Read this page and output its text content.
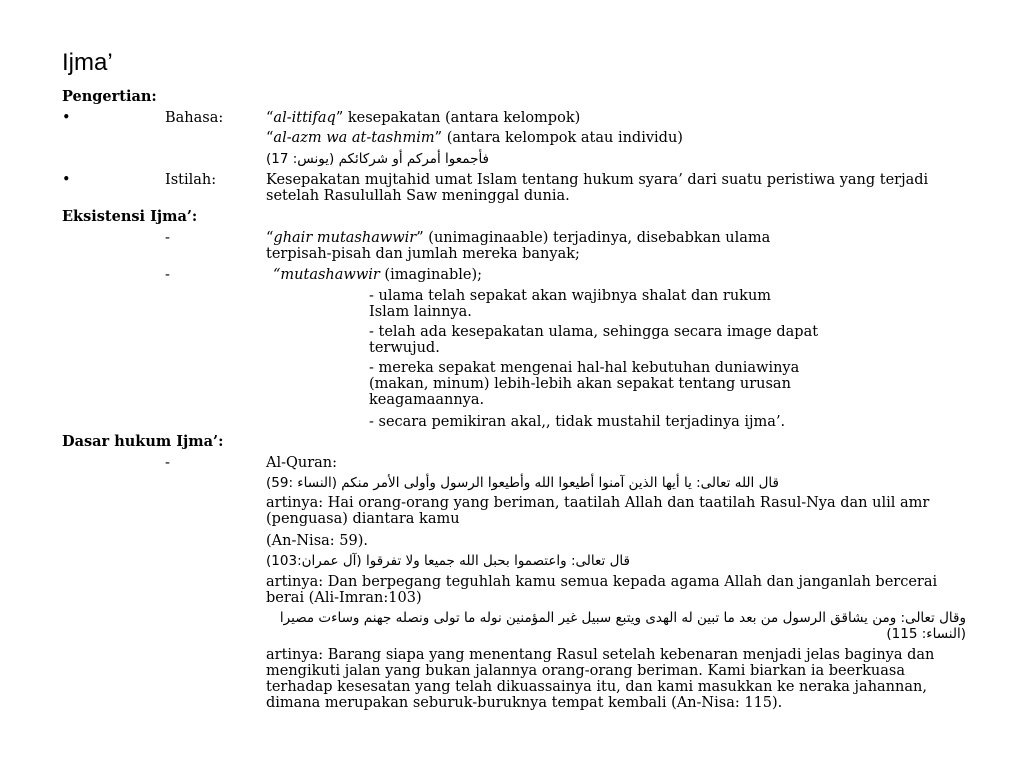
Ijma’
Pengertian:
•	Bahasa:	“al-ittifaq” kesepakatan (antara kelompok)
“al-azm wa at-tashmim” (antara kelompok atau individu)
فأجمعوا أمركم أو شركائكم (يونس: 17)
•	Istilah:	Kesepakatan mujtahid umat Islam tentang hukum syara’ dari suatu peristiwa yang terjadi setelah Rasulullah Saw meninggal dunia.
Eksistensi Ijma’:
-	“ghair mutashawwir” (unimaginaable) terjadinya, disebabkan ulama terpisah-pisah dan jumlah mereka banyak;
-	“mutashawwir (imaginable);
- ulama telah sepakat akan wajibnya shalat dan rukum Islam lainnya.
- telah ada kesepakatan ulama, sehingga secara image dapat terwujud.
- mereka sepakat mengenai hal-hal kebutuhan duniawinya (makan, minum) lebih-lebih akan sepakat tentang urusan keagamaannya.
- secara pemikiran akal,, tidak mustahil terjadinya ijma’.
Dasar hukum Ijma’:
-	Al-Quran:
قال الله تعالى: يا أيها الذين آمنوا أطيعوا الله وأطيعوا الرسول وأولى الأمر منكم (النساء :59)
artinya: Hai orang-orang yang beriman, taatilah Allah dan taatilah Rasul-Nya dan ulil amr (penguasa) diantara kamu
(An-Nisa: 59).
قال تعالى: واعتصموا بحبل الله جميعا ولا تفرقوا (آل عمران:103)
artinya: Dan berpegang teguhlah kamu semua kepada agama Allah dan janganlah bercerai berai (Ali-Imran:103)
وقال تعالى: ومن يشاقق الرسول من بعد ما تبين له الهدى ويتبع سبيل غير المؤمنين نوله ما تولى ونصله جهنم وساءت مصيرا (النساء: 115)
artinya: Barang siapa yang menentang Rasul setelah kebenaran menjadi jelas baginya dan mengikuti jalan yang bukan jalannya orang-orang beriman. Kami biarkan ia beerkuasa terhadap kesesatan yang telah dikuassainya itu, dan kami masukkan ke neraka jahannan, dimana merupakan seburuk-buruknya tempat kembali (An-Nisa: 115).
